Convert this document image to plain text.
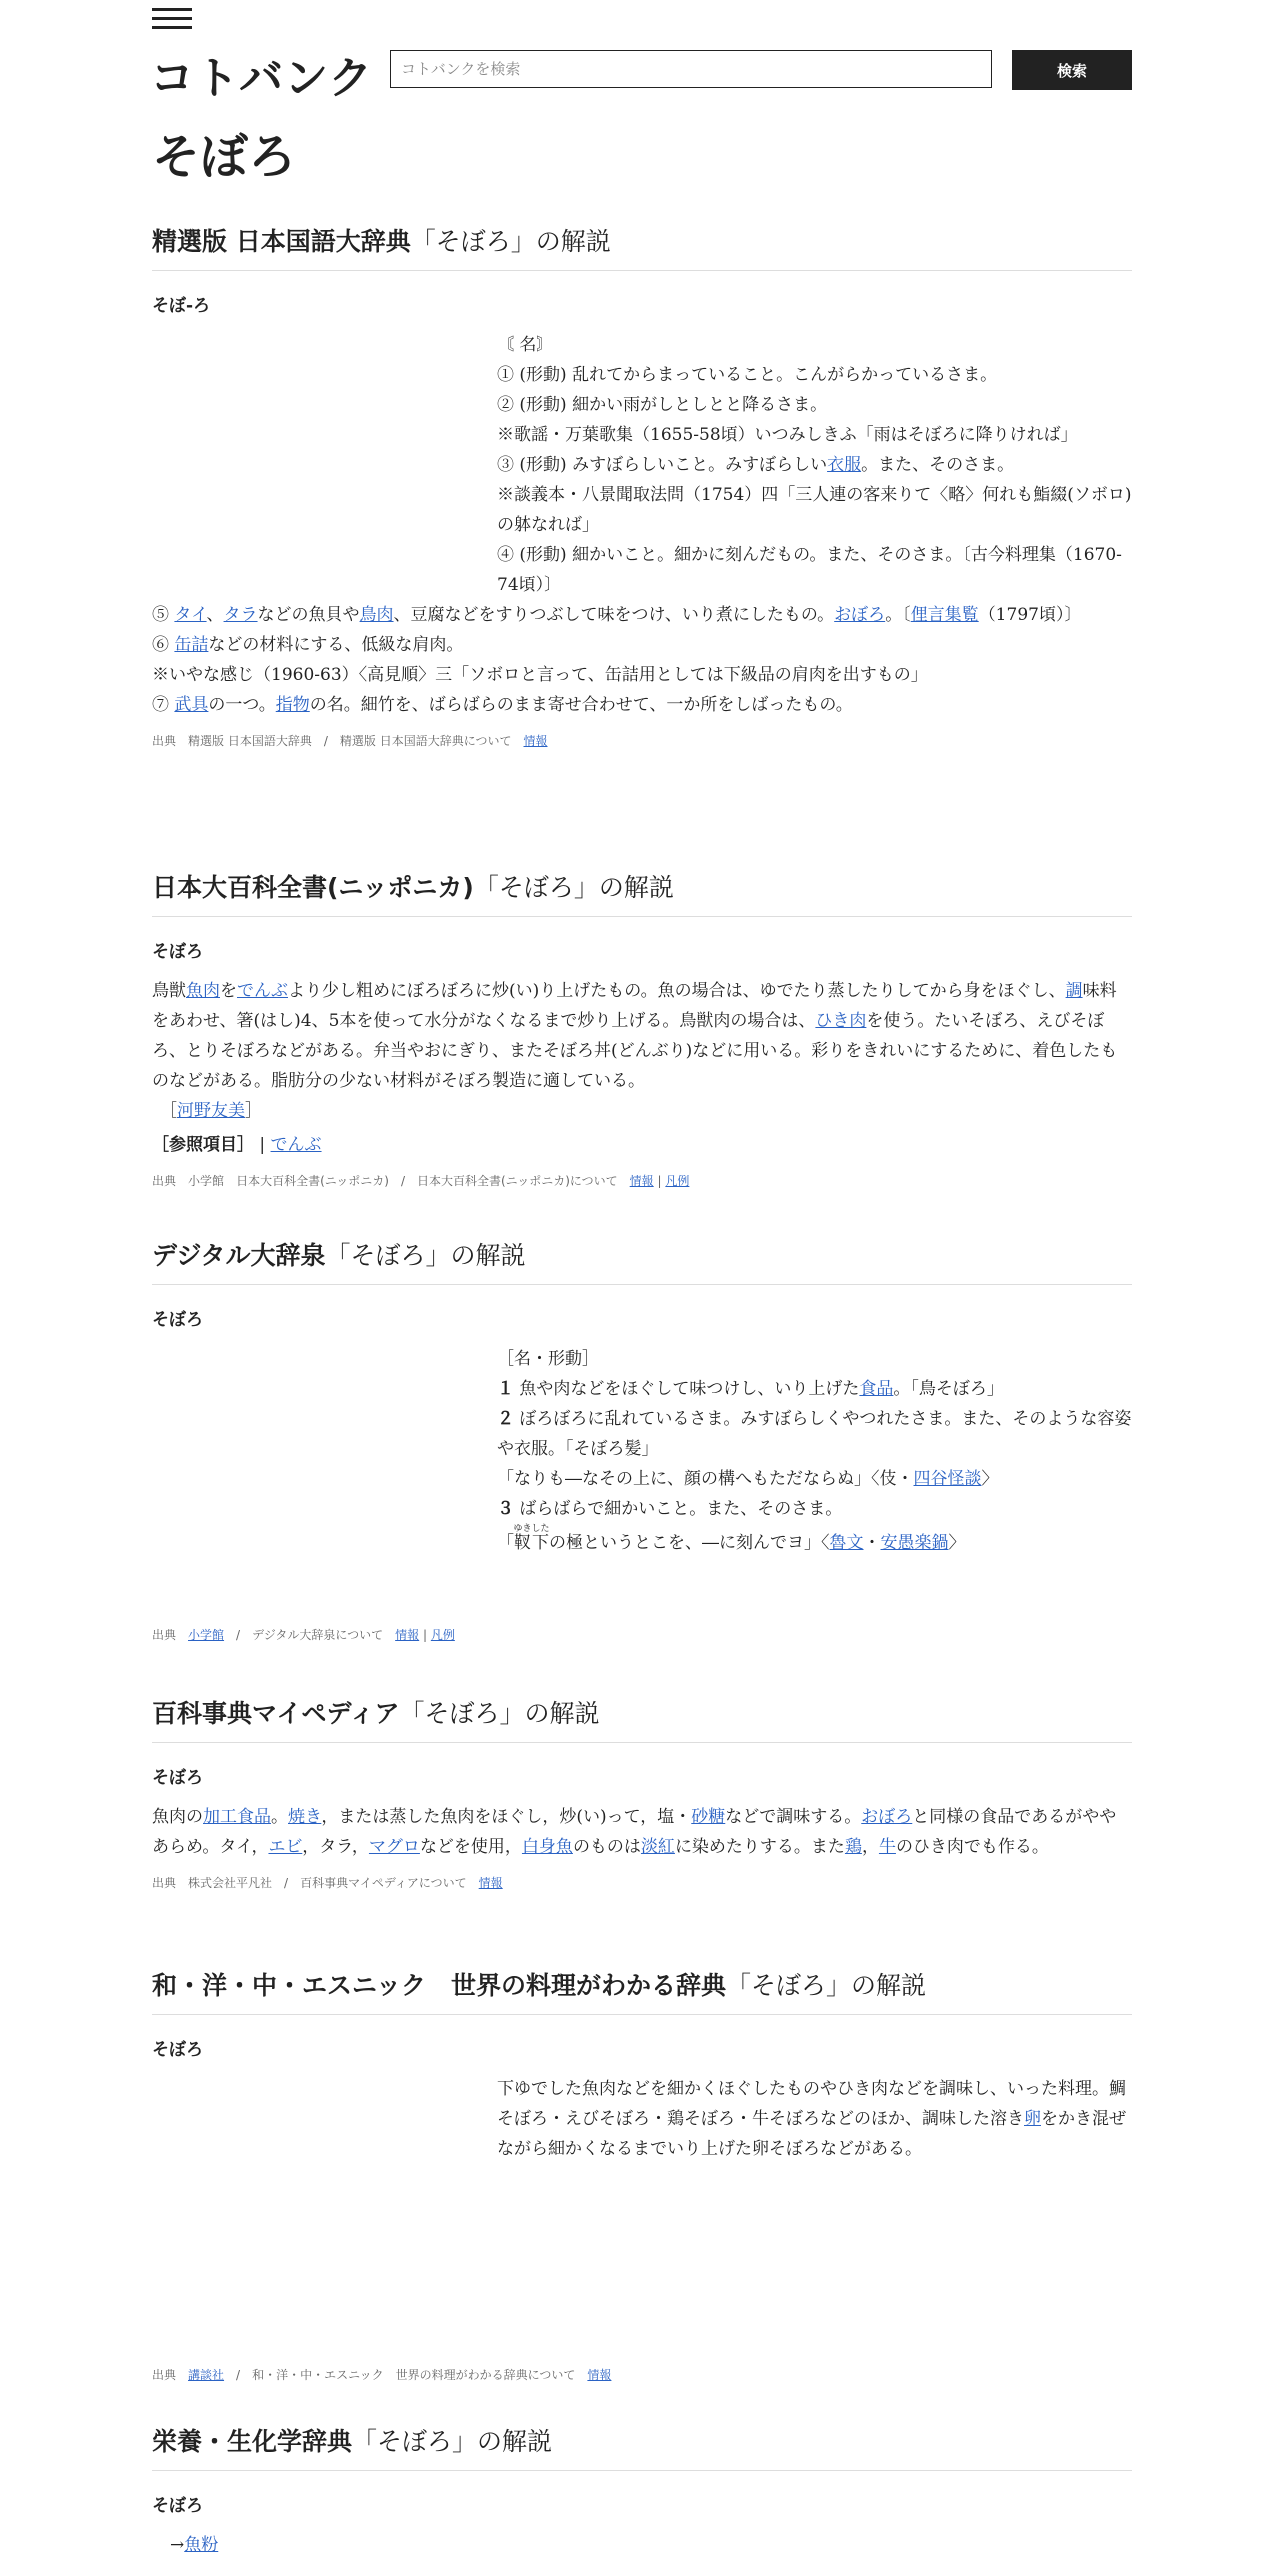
コトバンク
コトバンクを検索	検索
そぼろ
精選版 日本国語大辞典「そぼろ」の解説
そぼ‐ろ
〘 名〙
① (形動) 乱れてからまっていること。こんがらかっているさま。
② (形動) 細かい雨がしとしとと降るさま。
※歌謡・万葉歌集（1655‐58頃）いつみしきふ「雨はそぼろに降りければ」
③ (形動) みすぼらしいこと。みすぼらしい衣服。また、そのさま。
※談義本・八景聞取法問（1754）四「三人連の客来りて〈略〉何れも鮨綴(ソボロ)の躰なれば」
④ (形動) 細かいこと。細かに刻んだもの。また、そのさま。〔古今料理集（1670‐74頃）〕
⑤ タイ、タラなどの魚貝や鳥肉、豆腐などをすりつぶして味をつけ、いり煮にしたもの。おぼろ。〔俚言集覧（1797頃）〕
⑥ 缶詰などの材料にする、低級な肩肉。
※いやな感じ（1960‐63）〈高見順〉三「ソボロと言って、缶詰用としては下級品の肩肉を出すもの」
⑦ 武具の一つ。指物の名。細竹を、ばらばらのまま寄せ合わせて、一か所をしばったもの。
出典　 精選版 日本国語大辞典　/　精選版 日本国語大辞典について　 情報
日本大百科全書(ニッポニカ)「そぼろ」の解説
そぼろ
鳥獣魚肉をでんぶより少し粗めにぼろぼろに炒(い)り上げたもの。魚の場合は、ゆでたり蒸したりしてから身をほぐし、調味料をあわせ、箸(はし)4、5本を使って水分がなくなるまで炒り上げる。鳥獣肉の場合は、ひき肉を使う。たいそぼろ、えびそぼろ、とりそぼろなどがある。弁当やおにぎり、またそぼろ丼(どんぶり)などに用いる。彩りをきれいにするために、着色したものなどがある。脂肪分の少ない材料がそぼろ製造に適している。
［河野友美］
［参照項目］ | でんぶ
出典　 小学館　 日本大百科全書(ニッポニカ)　/　日本大百科全書(ニッポニカ)について　 情報 | 凡例
デジタル大辞泉「そぼろ」の解説
そぼろ
［名・形動］
１ 魚や肉などをほぐして味つけし、いり上げた食品。「鳥そぼろ」
２ ぼろぼろに乱れているさま。みすぼらしくやつれたさま。また、そのような容姿や衣服。「そぼろ髪」
「なりも―なその上に、顔の構へもただならぬ」〈伎・四谷怪談〉
３ ばらばらで細かいこと。また、そのさま。
「靫下ゆきしたの極というとこを、―に刻んでヨ」〈魯文・安愚楽鍋〉
出典　 小学館　/　デジタル大辞泉について　 情報 | 凡例
百科事典マイペディア「そぼろ」の解説
そぼろ
魚肉の加工食品。焼き，または蒸した魚肉をほぐし，炒(い)って，塩・砂糖などで調味する。おぼろと同様の食品であるがややあらめ。タイ，エビ，タラ，マグロなどを使用，白身魚のものは淡紅に染めたりする。また鶏，牛のひき肉でも作る。
出典　 株式会社平凡社　/　百科事典マイペディアについて　 情報
和・洋・中・エスニック　世界の料理がわかる辞典「そぼろ」の解説
そぼろ
下ゆでした魚肉などを細かくほぐしたものやひき肉などを調味し、いった料理。鯛そぼろ・えびそぼろ・鶏そぼろ・牛そぼろなどのほか、調味した溶き卵をかき混ぜながら細かくなるまでいり上げた卵そぼろなどがある。
出典　 講談社　/　和・洋・中・エスニック　世界の料理がわかる辞典について　 情報
栄養・生化学辞典「そぼろ」の解説
そぼろ
→魚粉
